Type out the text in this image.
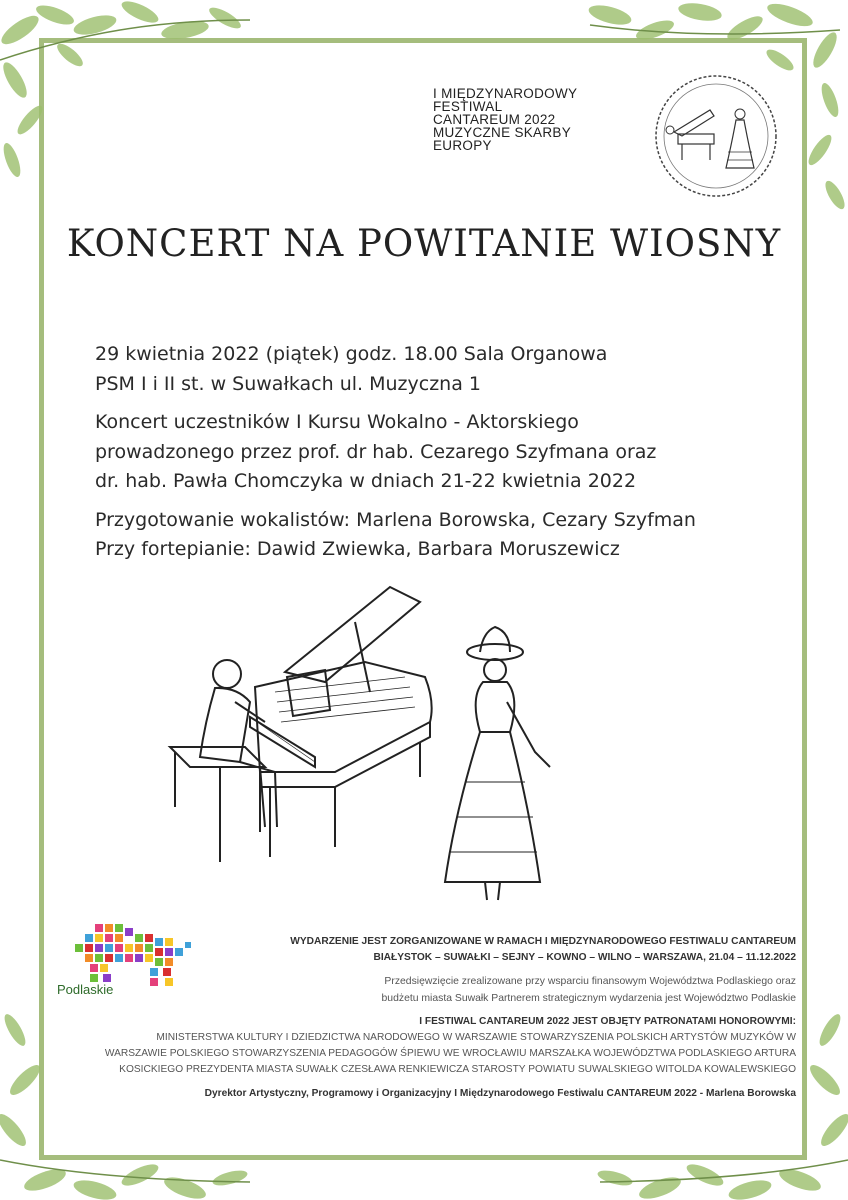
I MIĘDZYNARODOWY
FESTIWAL
CANTAREUM 2022
MUZYCZNE SKARBY
EUROPY
KONCERT NA POWITANIE WIOSNY

29 kwietnia 2022 (piątek) godz. 18.00 Sala Organowa
PSM I i II st. w Suwałkach ul. Muzyczna 1

Koncert uczestników I Kursu Wokalno - Aktorskiego
prowadzonego przez prof. dr hab. Cezarego Szyfmana oraz
dr. hab. Pawła Chomczyka w dniach 21-22 kwietnia 2022

Przygotowanie wokalistów: Marlena Borowska, Cezary Szyfman
Przy fortepianie: Dawid Zwiewka, Barbara Moruszewicz

Podlaskie
WYDARZENIE JEST ZORGANIZOWANE W RAMACH I MIĘDZYNARODOWEGO FESTIWALU CANTAREUM
BIAŁYSTOK – SUWAŁKI – SEJNY – KOWNO – WILNO – WARSZAWA, 21.04 – 11.12.2022
Przedsięwzięcie zrealizowane przy wsparciu finansowym Województwa Podlaskiego oraz
budżetu miasta Suwałk Partnerem strategicznym wydarzenia jest Województwo Podlaskie
I FESTIWAL CANTAREUM 2022 JEST OBJĘTY PATRONATAMI HONOROWYMI:
MINISTERSTWA KULTURY I DZIEDZICTWA NARODOWEGO W WARSZAWIE STOWARZYSZENIA POLSKICH ARTYSTÓW MUZYKÓW W
WARSZAWIE POLSKIEGO STOWARZYSZENIA PEDAGOGÓW ŚPIEWU WE WROCŁAWIU MARSZAŁKA WOJEWÓDZTWA PODLASKIEGO ARTURA
KOSICKIEGO PREZYDENTA MIASTA SUWAŁK CZESŁAWA RENKIEWICZA STAROSTY POWIATU SUWALSKIEGO WITOLDA KOWALEWSKIEGO
Dyrektor Artystyczny, Programowy i Organizacyjny I Międzynarodowego Festiwalu CANTAREUM 2022 - Marlena Borowska
